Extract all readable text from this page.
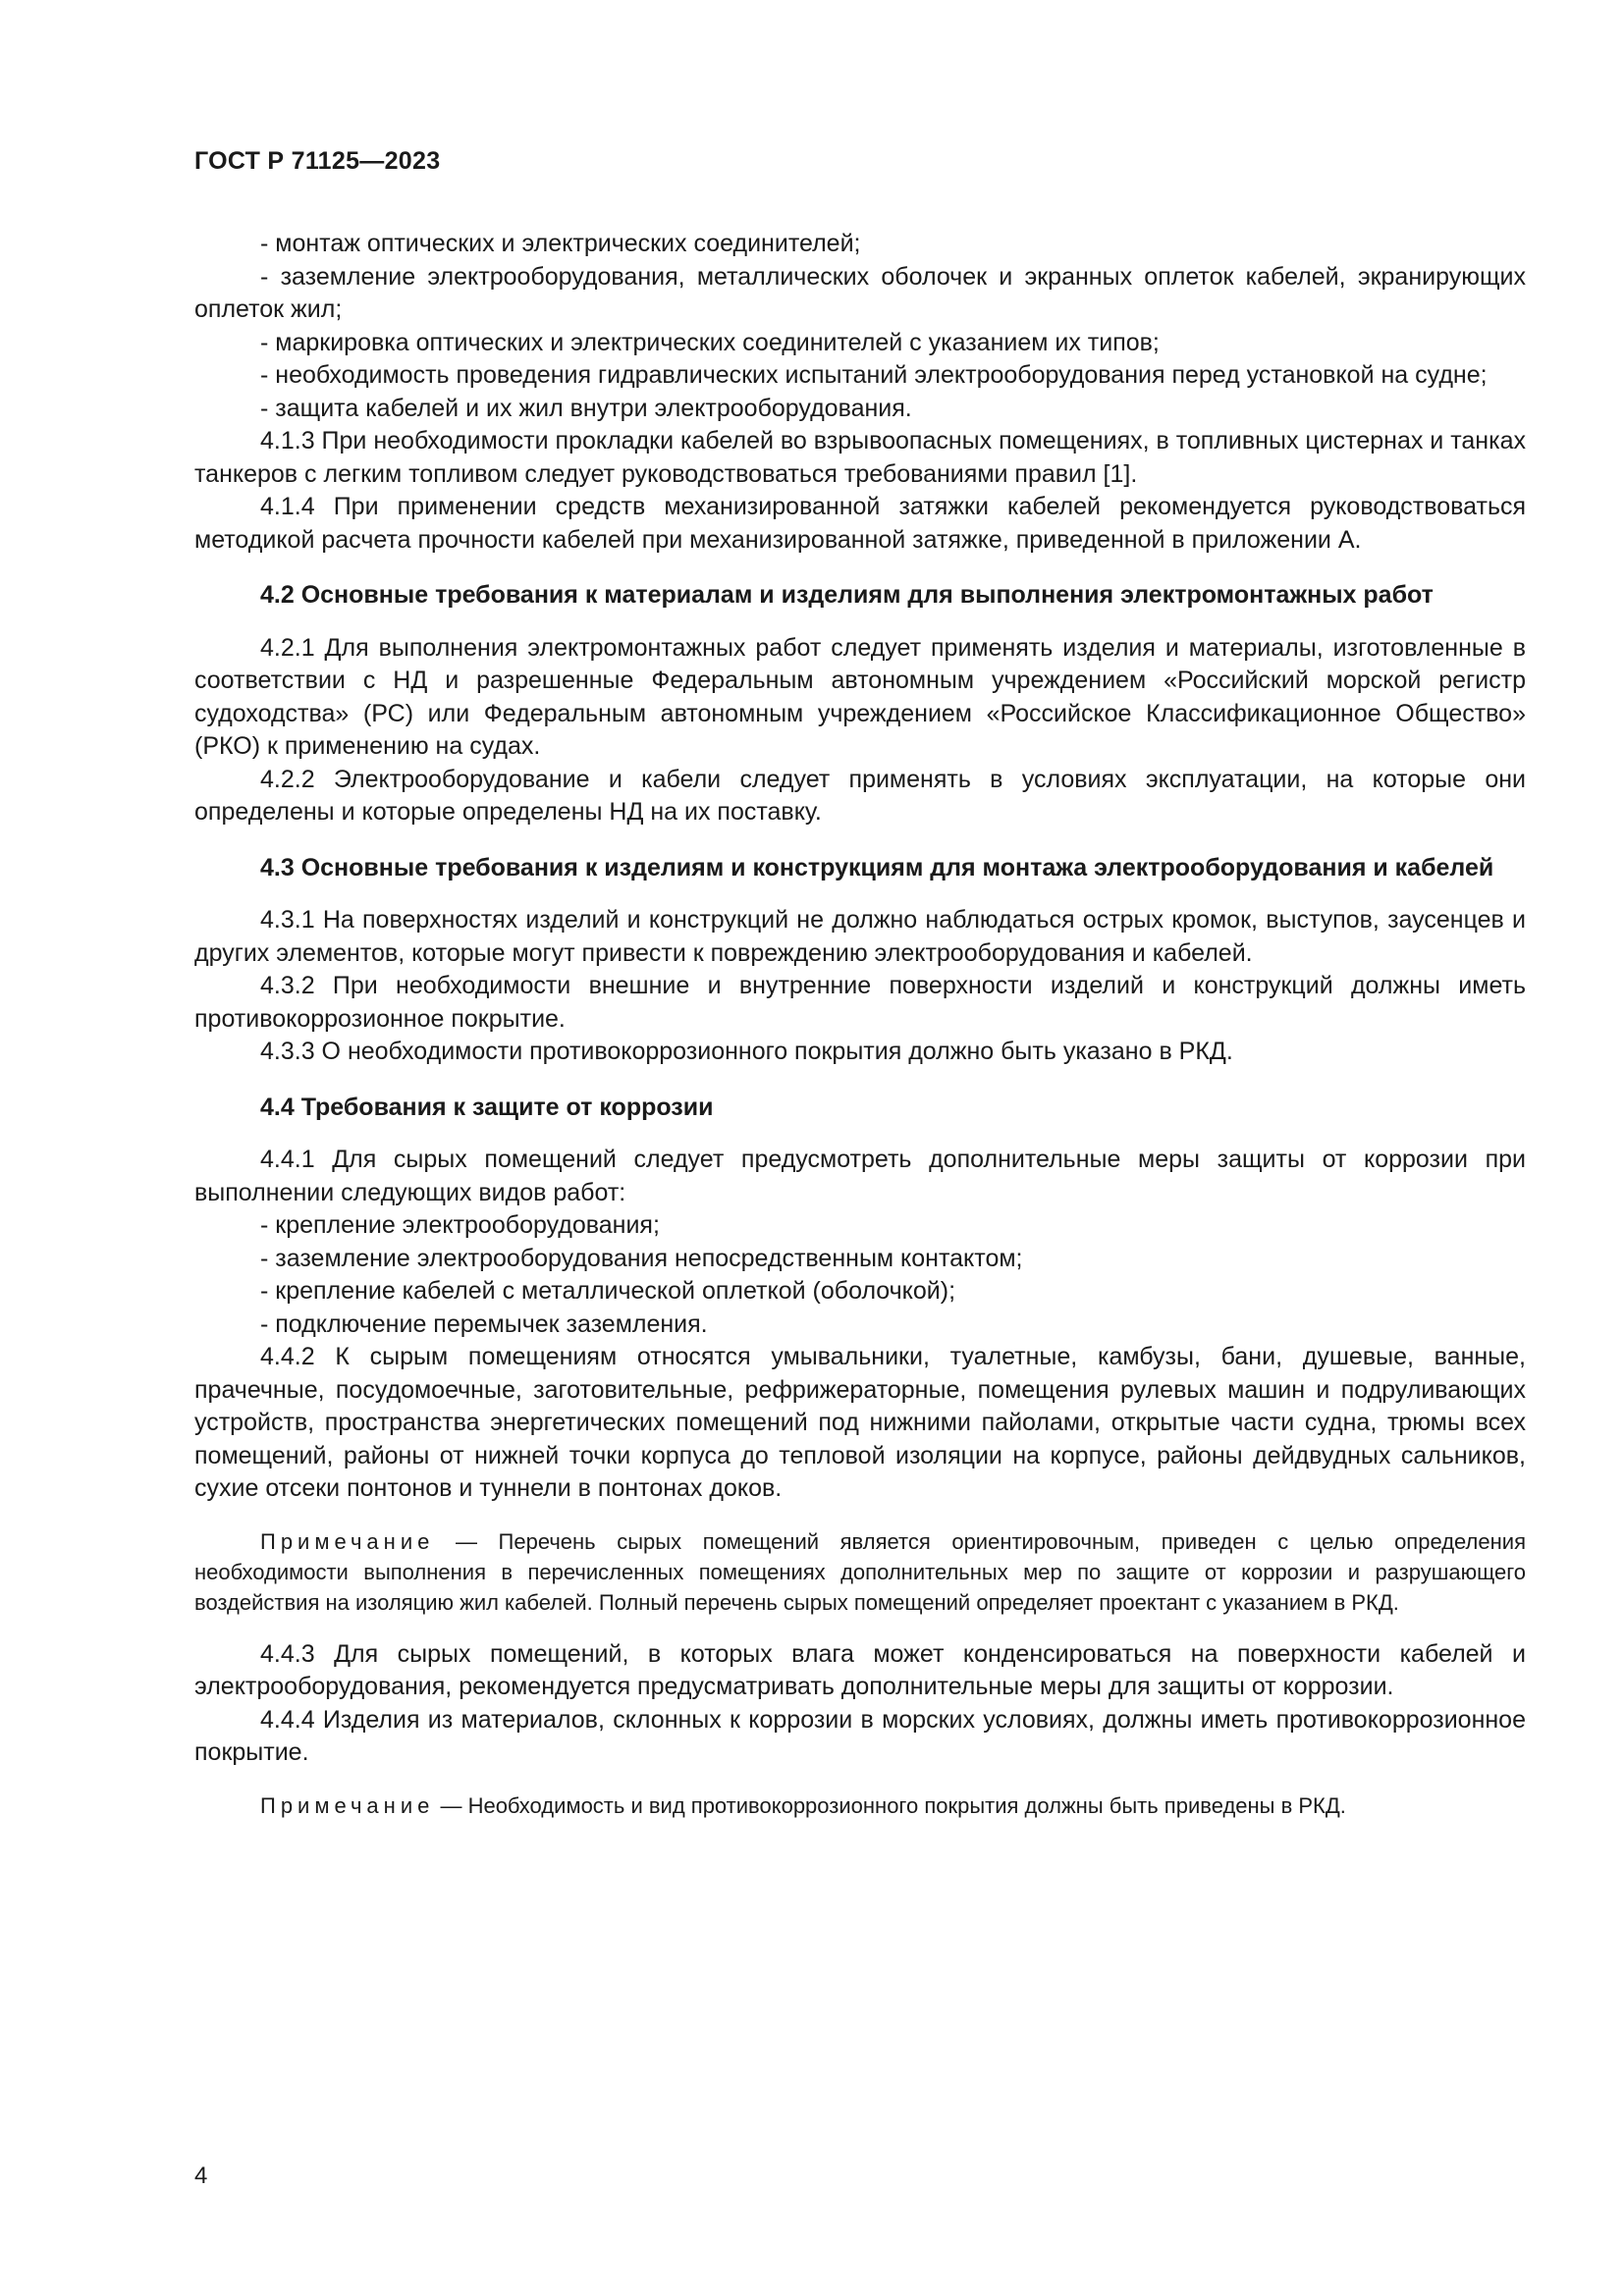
ГОСТ Р 71125—2023
- монтаж оптических и электрических соединителей;
- заземление электрооборудования, металлических оболочек и экранных оплеток кабелей, экранирующих оплеток жил;
- маркировка оптических и электрических соединителей с указанием их типов;
- необходимость проведения гидравлических испытаний электрооборудования перед установкой на судне;
- защита кабелей и их жил внутри электрооборудования.
4.1.3 При необходимости прокладки кабелей во взрывоопасных помещениях, в топливных цистернах и танках танкеров с легким топливом следует руководствоваться требованиями правил [1].
4.1.4 При применении средств механизированной затяжки кабелей рекомендуется руководствоваться методикой расчета прочности кабелей при механизированной затяжке, приведенной в приложении А.
4.2 Основные требования к материалам и изделиям для выполнения электромонтажных работ
4.2.1 Для выполнения электромонтажных работ следует применять изделия и материалы, изготовленные в соответствии с НД и разрешенные Федеральным автономным учреждением «Российский морской регистр судоходства» (РС) или Федеральным автономным учреждением «Российское Классификационное Общество» (РКО) к применению на судах.
4.2.2 Электрооборудование и кабели следует применять в условиях эксплуатации, на которые они определены и которые определены НД на их поставку.
4.3 Основные требования к изделиям и конструкциям для монтажа электрооборудования и кабелей
4.3.1 На поверхностях изделий и конструкций не должно наблюдаться острых кромок, выступов, заусенцев и других элементов, которые могут привести к повреждению электрооборудования и кабелей.
4.3.2 При необходимости внешние и внутренние поверхности изделий и конструкций должны иметь противокоррозионное покрытие.
4.3.3 О необходимости противокоррозионного покрытия должно быть указано в РКД.
4.4 Требования к защите от коррозии
4.4.1 Для сырых помещений следует предусмотреть дополнительные меры защиты от коррозии при выполнении следующих видов работ:
- крепление электрооборудования;
- заземление электрооборудования непосредственным контактом;
- крепление кабелей с металлической оплеткой (оболочкой);
- подключение перемычек заземления.
4.4.2 К сырым помещениям относятся умывальники, туалетные, камбузы, бани, душевые, ванные, прачечные, посудомоечные, заготовительные, рефрижераторные, помещения рулевых машин и подруливающих устройств, пространства энергетических помещений под нижними пайолами, открытые части судна, трюмы всех помещений, районы от нижней точки корпуса до тепловой изоляции на корпусе, районы дейдвудных сальников, сухие отсеки понтонов и туннели в понтонах доков.
Примечание — Перечень сырых помещений является ориентировочным, приведен с целью определения необходимости выполнения в перечисленных помещениях дополнительных мер по защите от коррозии и разрушающего воздействия на изоляцию жил кабелей. Полный перечень сырых помещений определяет проектант с указанием в РКД.
4.4.3 Для сырых помещений, в которых влага может конденсироваться на поверхности кабелей и электрооборудования, рекомендуется предусматривать дополнительные меры для защиты от коррозии.
4.4.4 Изделия из материалов, склонных к коррозии в морских условиях, должны иметь противокоррозионное покрытие.
Примечание — Необходимость и вид противокоррозионного покрытия должны быть приведены в РКД.
4
